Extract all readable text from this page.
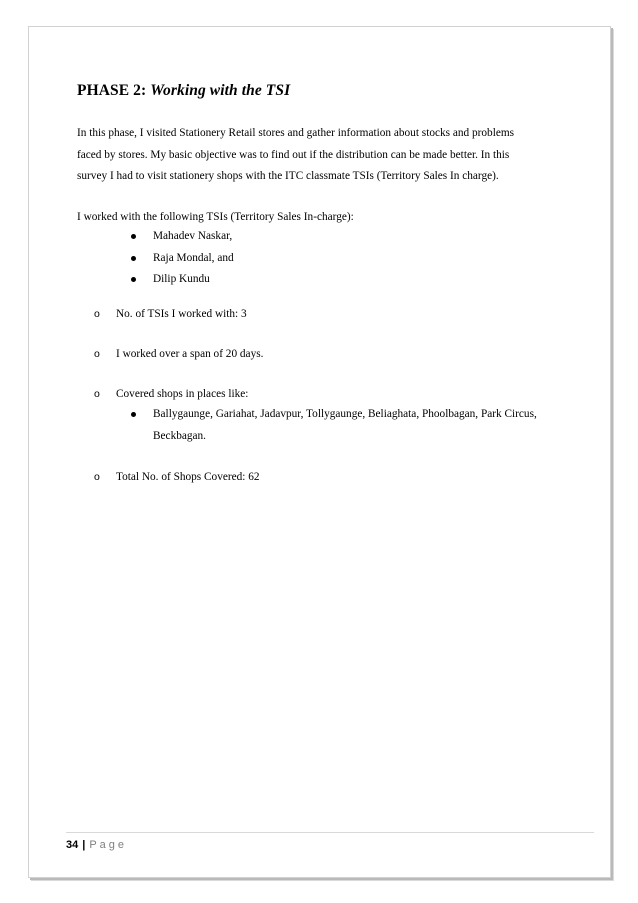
PHASE 2: Working with the TSI

In this phase, I visited Stationery Retail stores and gather information about stocks and problems
faced by stores. My basic objective was to find out if the distribution can be made better. In this
survey I had to visit stationery shops with the ITC classmate TSIs (Territory Sales In charge).

I worked with the following TSIs (Territory Sales In-charge):

Mahadev Naskar,
Raja Mondal, and
Dilip Kundu
o No. of TSIs I worked with: 3
o I worked over a span of 20 days.
o Covered shops in places like:
Ballygaunge, Gariahat, Jadavpur, Tollygaunge, Beliaghata, Phoolbagan, Park Circus,
Beckbagan.
o Total No. of Shops Covered: 62
34 | Page
